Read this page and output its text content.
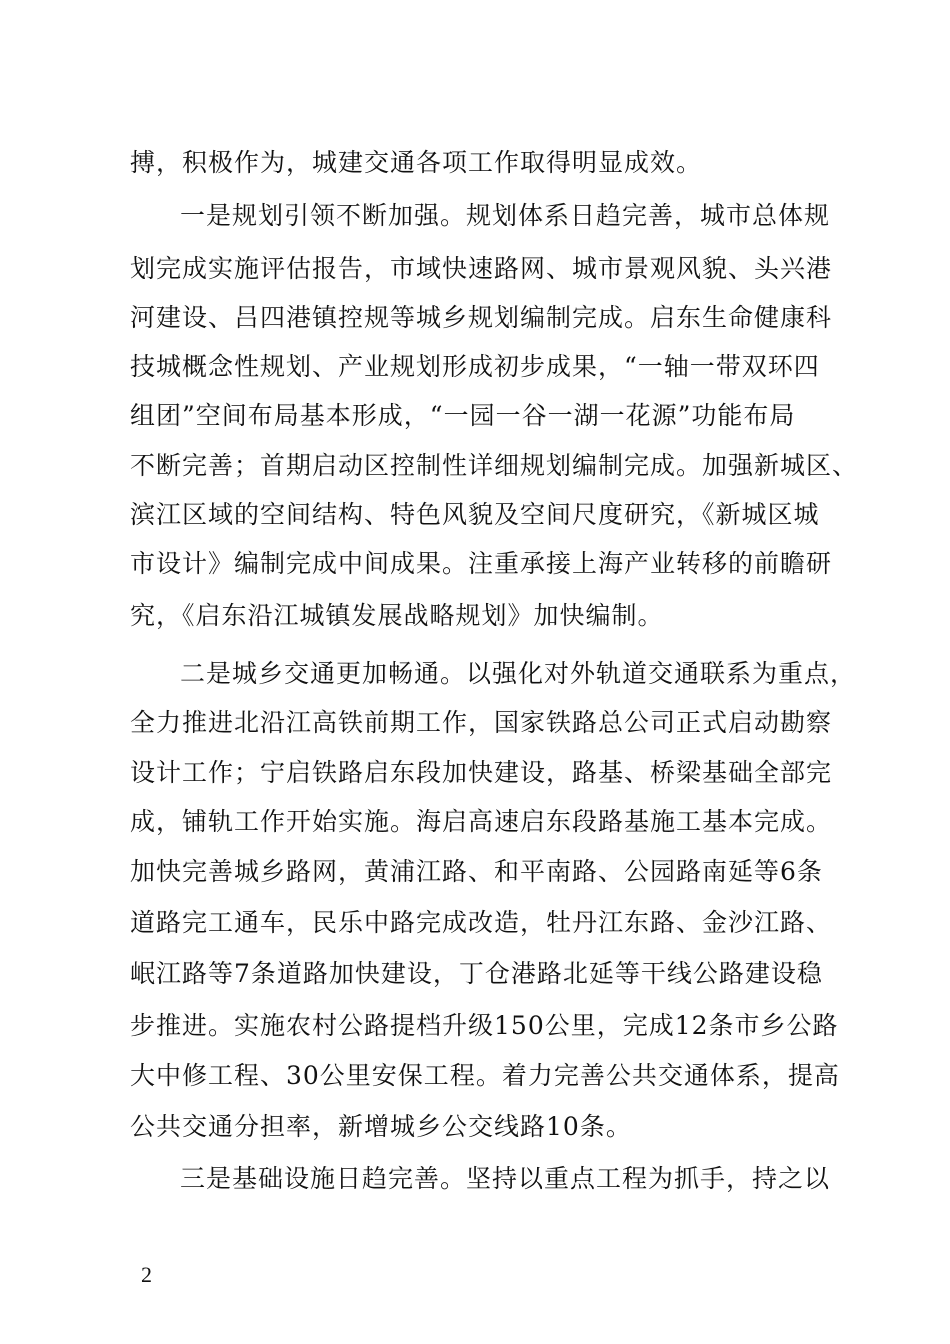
搏，积极作为，城建交通各项工作取得明显成效。
一是规划引领不断加强。规划体系日趋完善，城市总体规
划完成实施评估报告，市域快速路网、城市景观风貌、头兴港
河建设、吕四港镇控规等城乡规划编制完成。启东生命健康科
技城概念性规划、产业规划形成初步成果，“一轴一带双环四
组团”空间布局基本形成，“一园一谷一湖一花源”功能布局
不断完善；首期启动区控制性详细规划编制完成。加强新城区、
滨江区域的空间结构、特色风貌及空间尺度研究，《新城区城
市设计》编制完成中间成果。注重承接上海产业转移的前瞻研
究，《启东沿江城镇发展战略规划》加快编制。
二是城乡交通更加畅通。以强化对外轨道交通联系为重点，
全力推进北沿江高铁前期工作，国家铁路总公司正式启动勘察
设计工作；宁启铁路启东段加快建设，路基、桥梁基础全部完
成，铺轨工作开始实施。海启高速启东段路基施工基本完成。
加快完善城乡路网，黄浦江路、和平南路、公园路南延等6条
道路完工通车，民乐中路完成改造，牡丹江东路、金沙江路、
岷江路等7条道路加快建设，丁仓港路北延等干线公路建设稳
步推进。实施农村公路提档升级150公里，完成12条市乡公路
大中修工程、30公里安保工程。着力完善公共交通体系，提高
公共交通分担率，新增城乡公交线路10条。
三是基础设施日趋完善。坚持以重点工程为抓手，持之以
2
